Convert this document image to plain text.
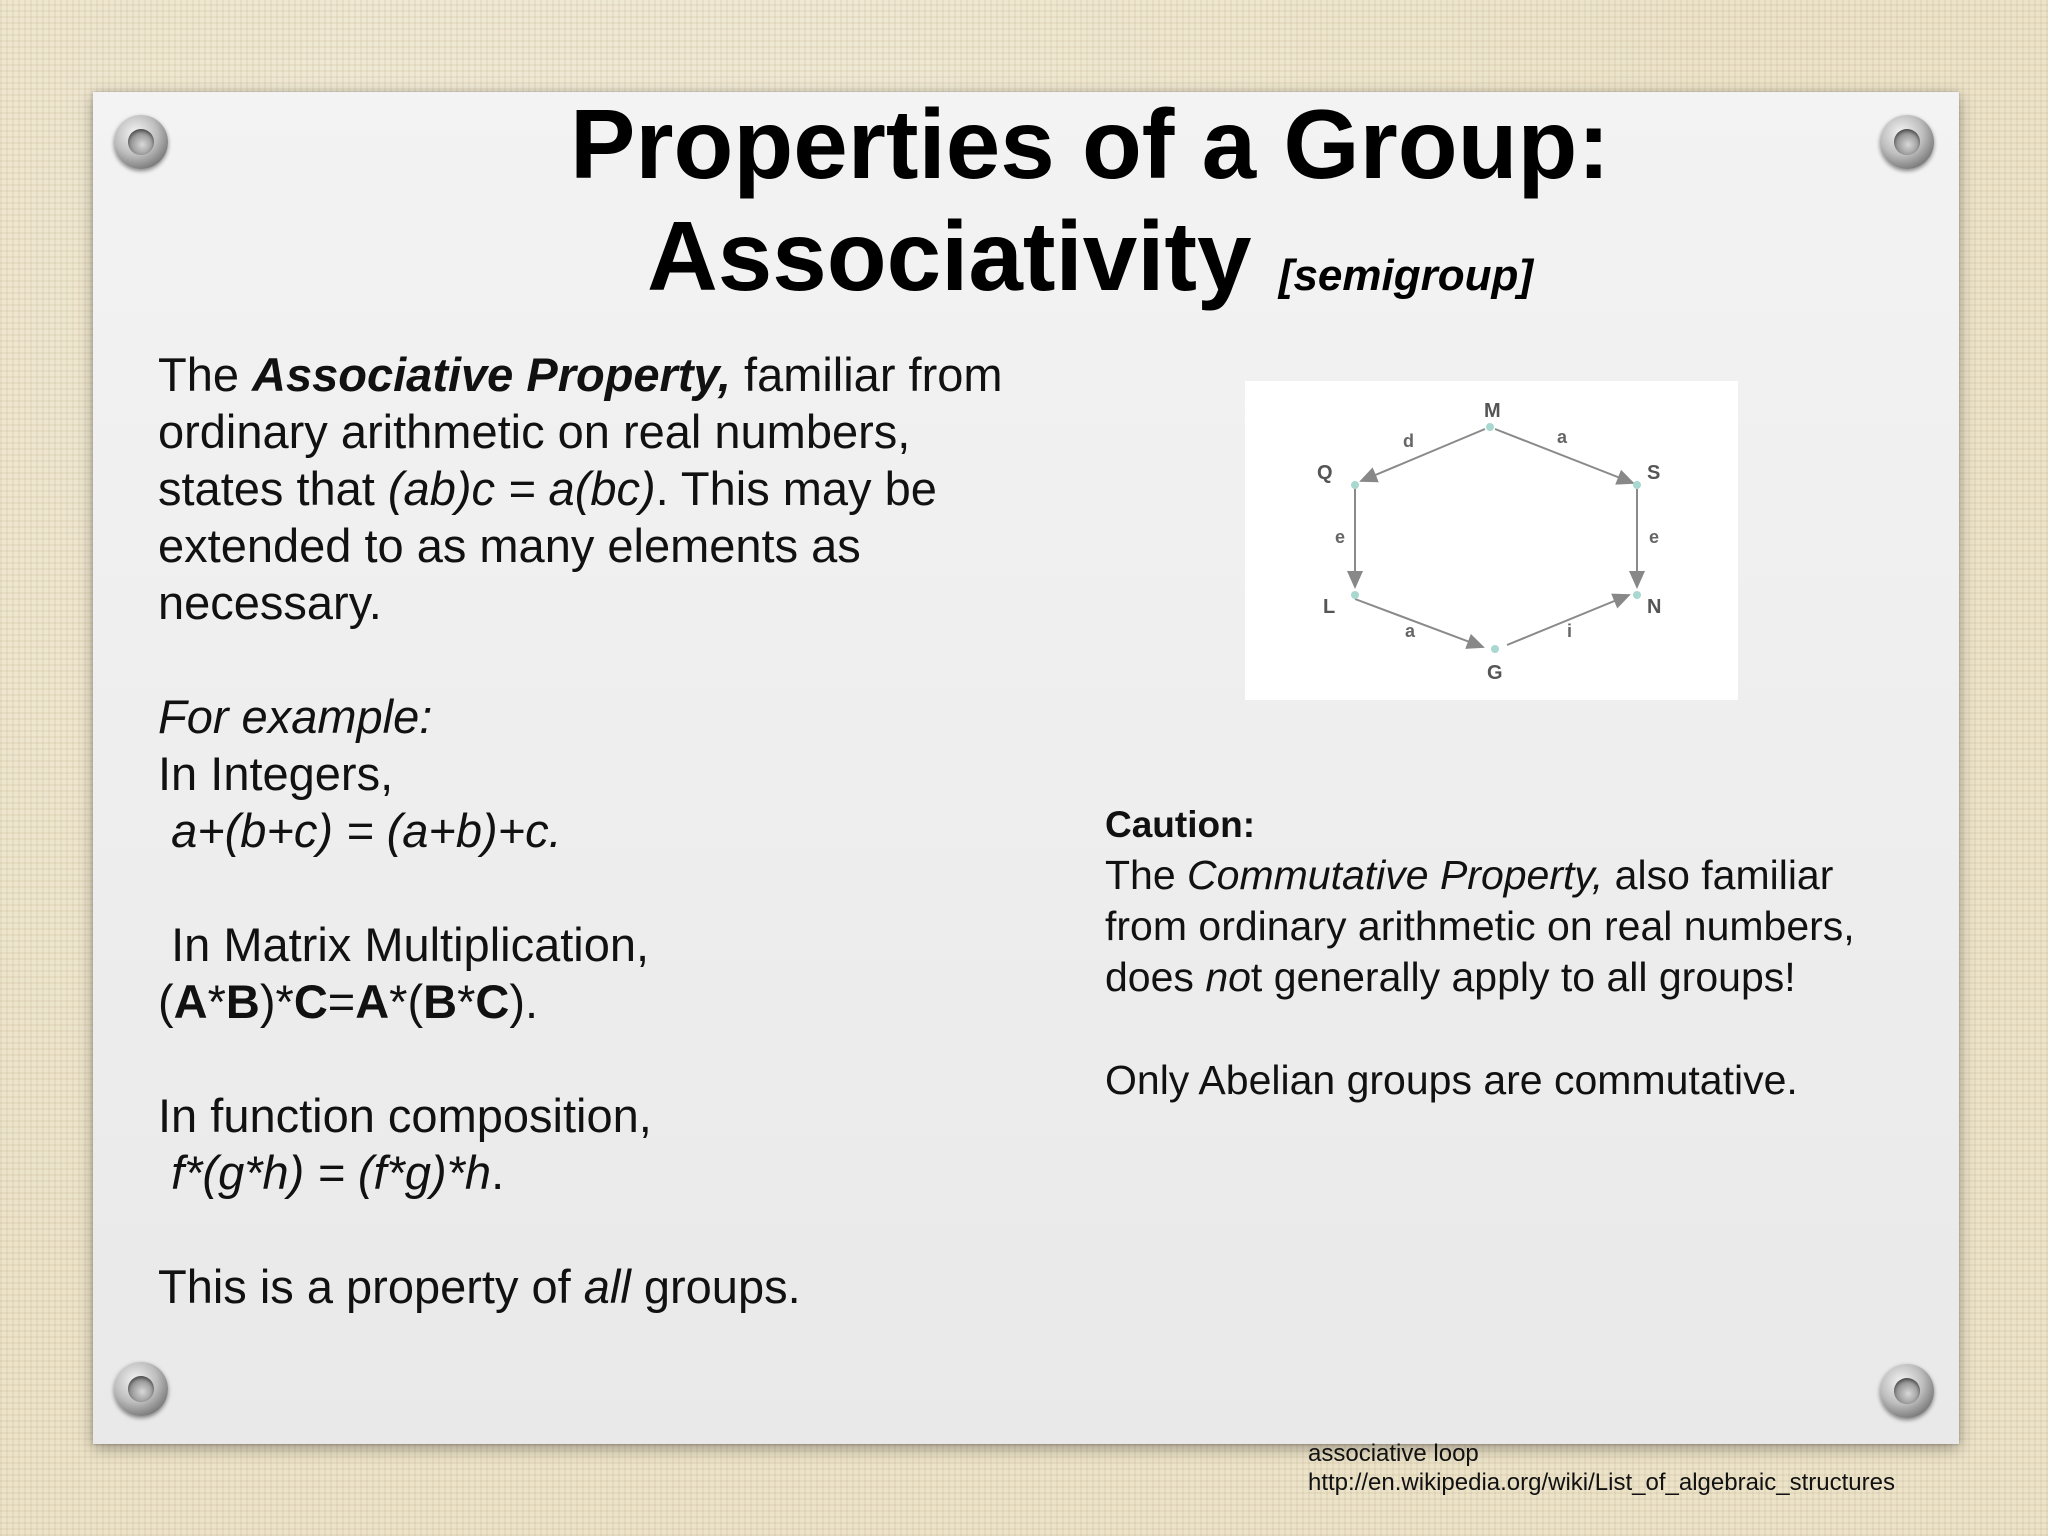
Properties of a Group:
Associativity [semigroup]

The Associative Property, familiar from

ordinary arithmetic on real numbers,

states that (ab)c = a(bc). This may be

extended to as many elements as

necessary.

For example:

In Integers,

a+(b+c) = (a+b)+c.

In Matrix Multiplication,

(A*B)*C=A*(B*C).

In function composition,

f*(g*h) = (f*g)*h.

This is a property of all groups.

M
S
N
G
L
Q
a
e
i
a
e
d

Caution:

The Commutative Property, also familiar

from ordinary arithmetic on real numbers,

does not generally apply to all groups!

Only Abelian groups are commutative.

associative loop

http://en.wikipedia.org/wiki/List_of_algebraic_structures
